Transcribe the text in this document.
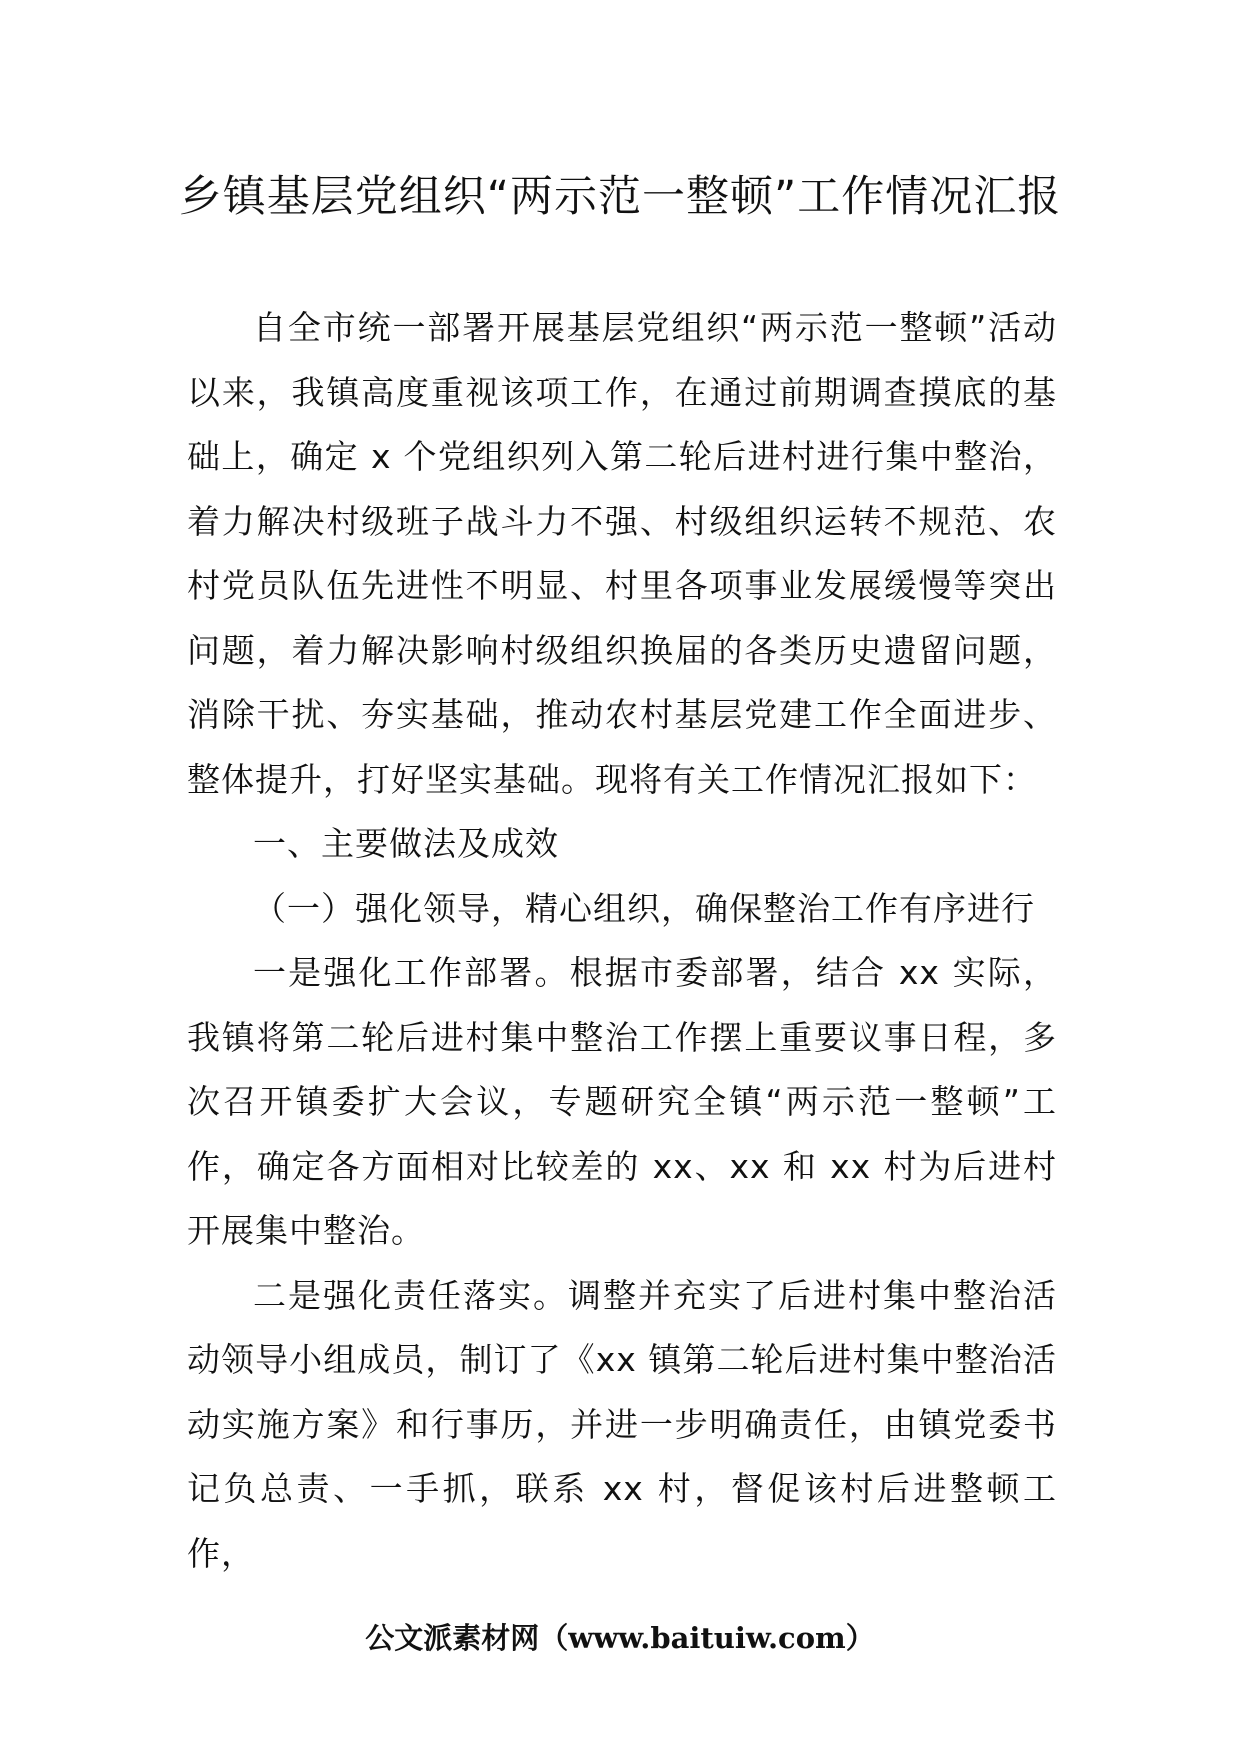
乡镇基层党组织“两示范一整顿”工作情况汇报

自全市统一部署开展基层党组织“两示范一整顿”活动以来，我镇高度重视该项工作，在通过前期调查摸底的基础上，确定 x 个党组织列入第二轮后进村进行集中整治，着力解决村级班子战斗力不强、村级组织运转不规范、农村党员队伍先进性不明显、村里各项事业发展缓慢等突出问题，着力解决影响村级组织换届的各类历史遗留问题，消除干扰、夯实基础，推动农村基层党建工作全面进步、整体提升，打好坚实基础。现将有关工作情况汇报如下：

一、主要做法及成效

（一）强化领导，精心组织，确保整治工作有序进行

一是强化工作部署。根据市委部署，结合 xx 实际，我镇将第二轮后进村集中整治工作摆上重要议事日程，多次召开镇委扩大会议，专题研究全镇“两示范一整顿”工作，确定各方面相对比较差的 xx、xx 和 xx 村为后进村开展集中整治。

二是强化责任落实。调整并充实了后进村集中整治活动领导小组成员，制订了《xx 镇第二轮后进村集中整治活动实施方案》和行事历，并进一步明确责任，由镇党委书记负总责、一手抓，联系 xx 村，督促该村后进整顿工作，

公文派素材网（www.baituiw.com）
